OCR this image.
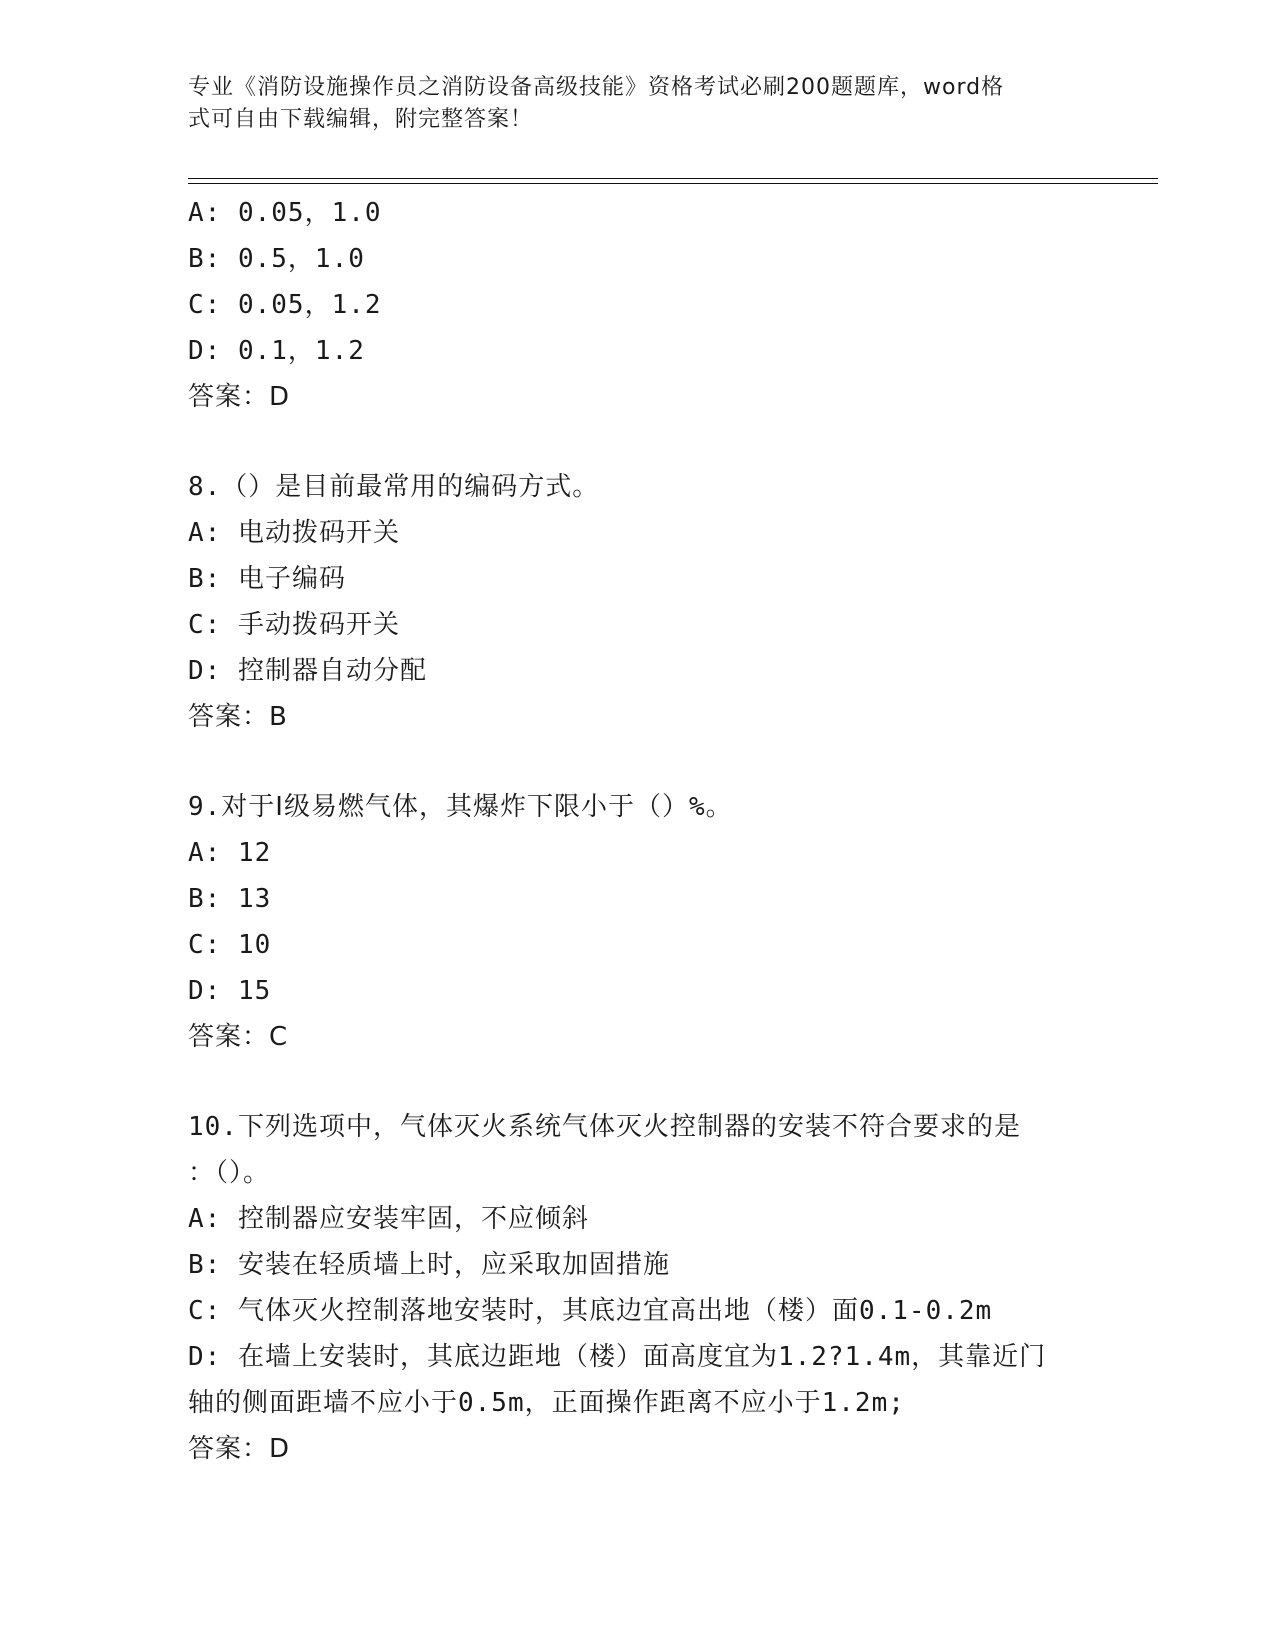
专业《消防设施操作员之消防设备高级技能》资格考试必刷200题题库，word格
式可自由下载编辑，附完整答案！
A: 0.05，1.0
B: 0.5，1.0
C: 0.05，1.2
D: 0.1，1.2
答案：D
8.（）是目前最常用的编码方式。
A: 电动拨码开关
B: 电子编码
C: 手动拨码开关
D: 控制器自动分配
答案：B
9.对于Ⅰ级易燃气体，其爆炸下限小于（）%。
A: 12
B: 13
C: 10
D: 15
答案：C
10.下列选项中，气体灭火系统气体灭火控制器的安装不符合要求的是
：（）。
A: 控制器应安装牢固，不应倾斜
B: 安装在轻质墙上时，应采取加固措施
C: 气体灭火控制落地安装时，其底边宜高出地（楼）面0.1-0.2m
D: 在墙上安装时，其底边距地（楼）面高度宜为1.2?1.4m，其靠近门
轴的侧面距墙不应小于0.5m，正面操作距离不应小于1.2m;
答案：D
